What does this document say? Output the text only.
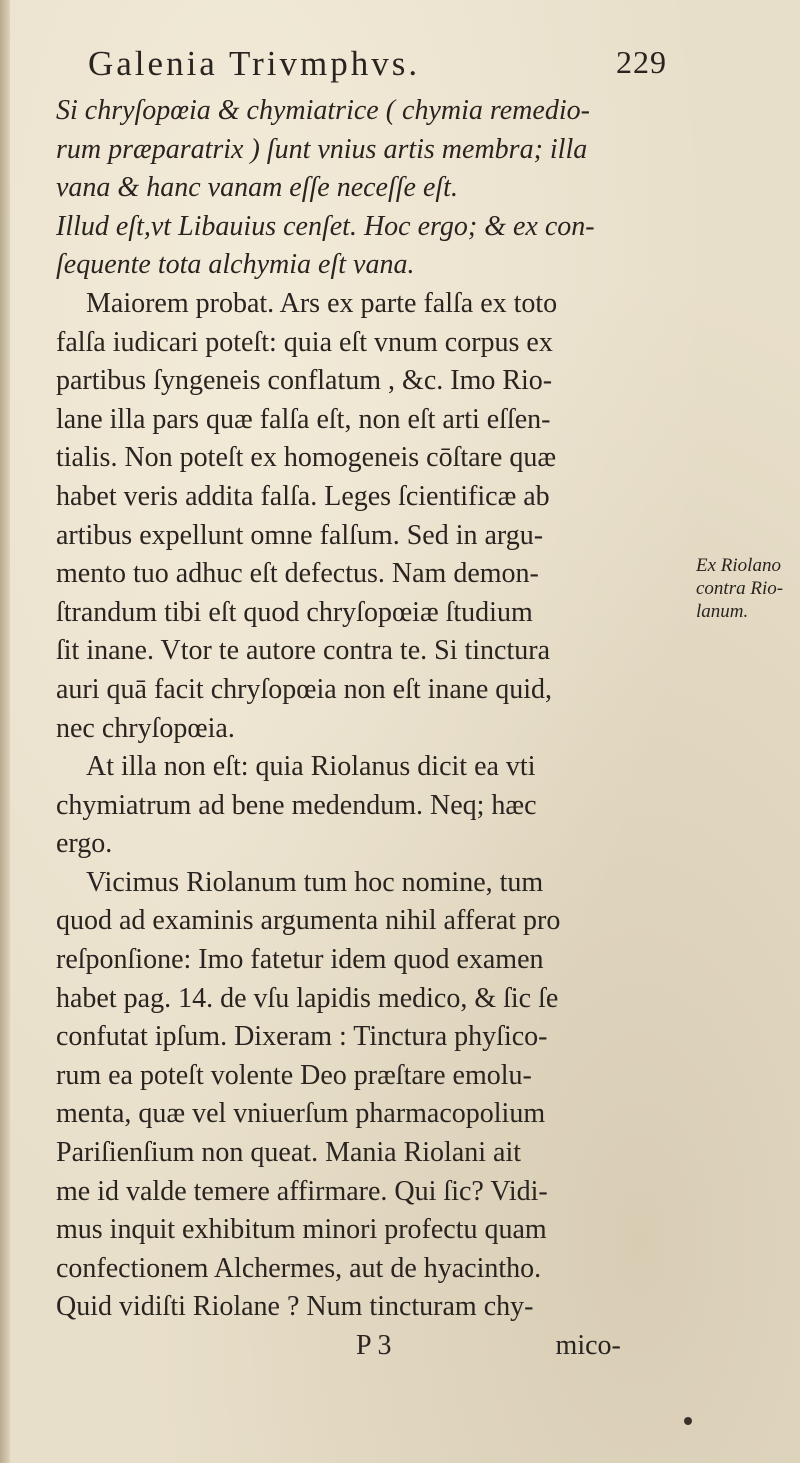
Galenia Trivmphvs.	229
Si chryſopœia & chymiatrice ( chymia remedio-
rum præparatrix ) ſunt vnius artis membra; illa
vana & hanc vanam eſſe neceſſe eſt.
Illud eſt,vt Libauius cenſet. Hoc ergo; & ex con-
ſequente tota alchymia eſt vana.
Maiorem probat. Ars ex parte falſa ex toto
falſa iudicari poteſt: quia eſt vnum corpus ex
partibus ſyngeneis conflatum , &c. Imo Rio-
lane illa pars quæ falſa eſt, non eſt arti eſſen-
tialis. Non poteſt ex homogeneis cōſtare quæ
habet veris addita falſa. Leges ſcientificæ ab
artibus expellunt omne falſum. Sed in argu-
mento tuo adhuc eſt defectus. Nam demon-
ſtrandum tibi eſt quod chryſopœiæ ſtudium
ſit inane. Vtor te autore contra te. Si tinctura
auri quā facit chryſopœia non eſt inane quid,
nec chryſopœia.
At illa non eſt: quia Riolanus dicit ea vti
chymiatrum ad bene medendum. Neq; hæc
ergo.
Vicimus Riolanum tum hoc nomine, tum
quod ad examinis argumenta nihil afferat pro
reſponſione: Imo fatetur idem quod examen
habet pag. 14. de vſu lapidis medico, & ſic ſe
confutat ipſum. Dixeram : Tinctura phyſico-
rum ea poteſt volente Deo præſtare emolu-
menta, quæ vel vniuerſum pharmacopolium
Pariſienſium non queat. Mania Riolani ait
me id valde temere affirmare. Qui ſic? Vidi-
mus inquit exhibitum minori profectu quam
confectionem Alchermes, aut de hyacintho.
Quid vidiſti Riolane ? Num tincturam chy-
P 3	mico-
Ex Riolano
contra Rio-
lanum.
